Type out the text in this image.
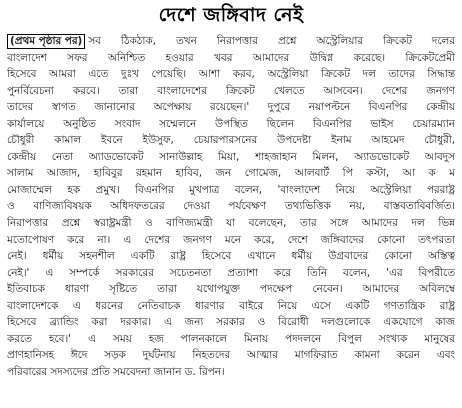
দেশে জঙ্গিবাদ নেই
(প্রথম পৃষ্ঠার পর) সব ঠিকঠাক, তখন নিরাপত্তার প্রশ্নে অস্ট্রেলিয়ার ক্রিকেট দলের
বাংলাদেশ সফর অনিশ্চিত হওয়ার খবর আমাদের উদ্বিগ্ন করেছে। ক্রিকেটপ্রেমী
হিসেবে আমরা এতে দুঃখ পেয়েছি। আশা করব, অস্ট্রেলিয়া ক্রিকেট দল তাদের সিদ্ধান্ত
পুনর্বিবেচনা করবে। তারা বাংলাদেশের ক্রিকেট খেলতে আসবেন। দেশের জনগণ
তাদের স্বাগত জানানোর অপেক্ষায় রয়েছেন।' দুপুরে নয়াপল্টনে বিএনপির কেন্দ্রীয়
কার্যালয়ে অনুষ্ঠিত সংবাদ সম্মেলনে উপস্থিত ছিলেন বিএনপির ভাইস চেয়ারম্যান
চৌধুরী কামাল ইবনে ইউসুফ, চেয়ারপারসনের উপদেষ্টা ইনাম আহমেদ চৌধুরী,
কেন্দ্রীয় নেতা অ্যাডভোকেট সানাউল্লাহ মিয়া, শাহজাহান মিলন, অ্যাডভোকেট আবদুস
সালাম আজাদ, হাবিবুর রহমান হাবিব, জন গোমেজ, আলবার্ট পি কস্টা, আ ক ম
মোজাম্মেল হক প্রমুখ। বিএনপির মুখপাত্র বলেন, 'বাংলাদেশ নিয়ে অস্ট্রেলিয়া পররাষ্ট্র
ও বাণিজ্যবিষয়ক অধিদফতরের দেওয়া পর্যবেক্ষণ তথ্যভিত্তিক নয়, বাস্তবতাবিবর্জিত।
নিরাপত্তার প্রশ্নে স্বরাষ্ট্রমন্ত্রী ও বাণিজ্যমন্ত্রী যা বলেছেন, তার সঙ্গে আমাদের দল ভিন্ন
মতোপোষণ করে না। এ দেশের জনগণ মনে করে, দেশে জঙ্গিবাদের কোনো তৎপরতা
নেই। ধর্মীয় সহনশীল একটি রাষ্ট্র হিসেবে এখানে ধর্মীয় উগ্রবাদের কোনো অস্তিত্ব
নেই।' এ সম্পর্কে সরকারের সচেতনতা প্রত্যাশা করে তিনি বলেন, 'এর বিপরীতে
ইতিবাচক ধারণা সৃষ্টিতে তারা যথোপযুক্ত পদক্ষেপ নেবেন। আমাদের অবিলম্বে
বাংলাদেশকে এ ধরনের নেতিবাচক ধারণার বাইরে নিয়ে এসে একটি গণতান্ত্রিক রাষ্ট্র
হিসেবে ব্র্যান্ডিং করা দরকার। এ জন্য সরকার ও বিরোধী দলগুলোকে একযোগে কাজ
করতে হবে।' এ সময় হজ পালনকালে মিনায় পদদলনে বিপুল সংখ্যক মানুষের
প্রাণহানিসহ ঈদে সড়ক দুর্ঘটনায় নিহতদের আত্মার মাগফিরাত কামনা করেন এবং
পরিবারের সদস্যদের প্রতি সমবেদনা জানান ড. রিপন।
